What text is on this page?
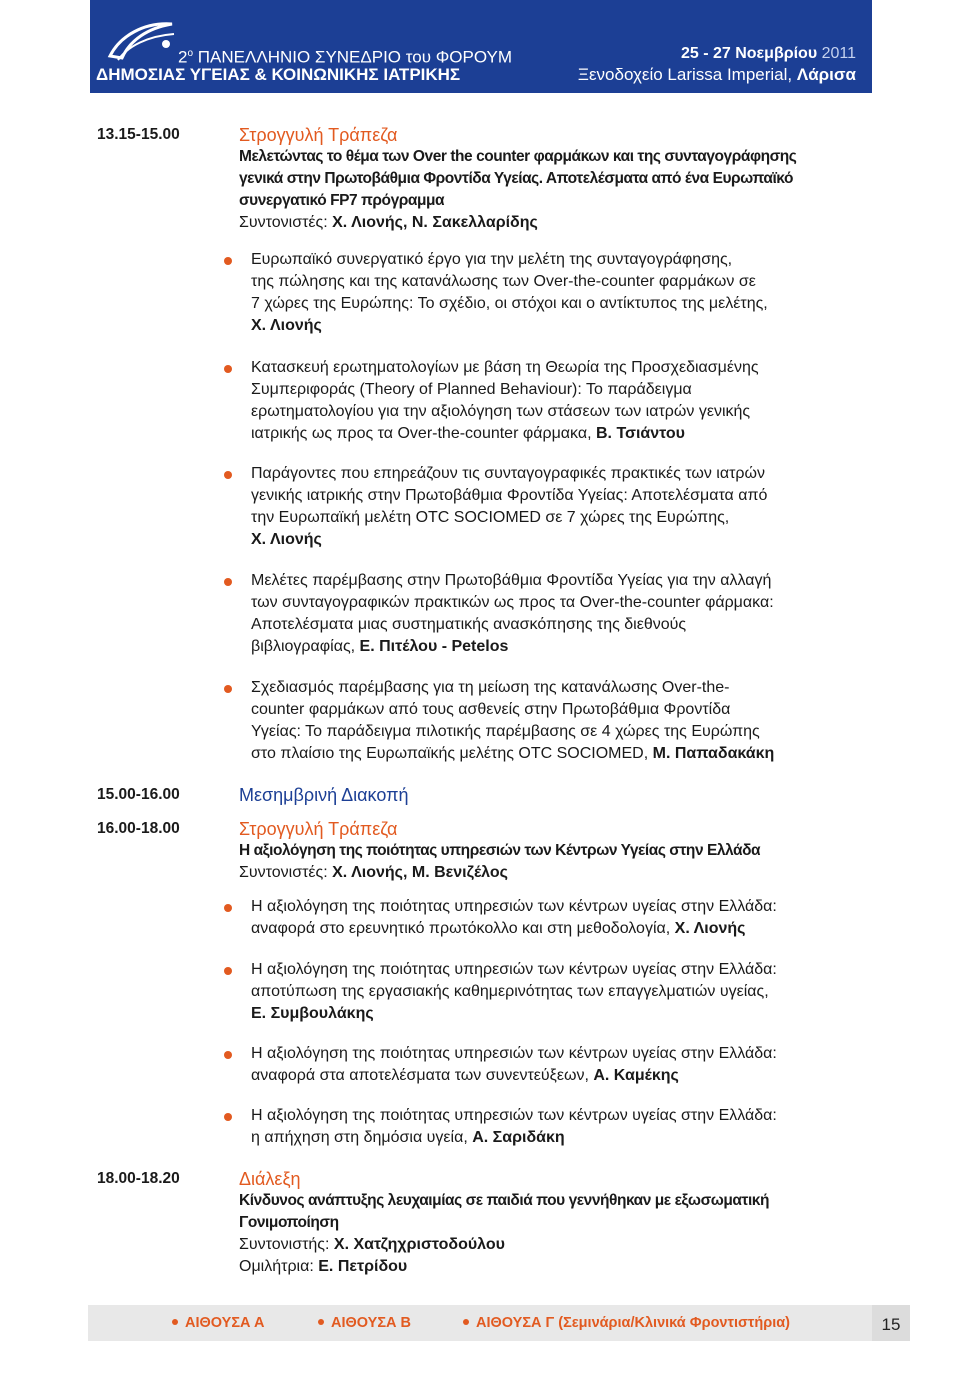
$2^o$ ΠΑΝΕΛΛΗΝΙΟ ΣΥΝΕΔΡΙΟ του ΦΟΡΟΥΜ
ΔΗΜΟΣΙΑΣ ΥΓΕΙΑΣ & ΚΟΙΝΩΝΙΚΗΣ ΙΑΤΡΙΚΗΣ
25 - 27 Νοεμβρίου 2011
Ξενοδοχείο Larissa Imperial, Λάρισα
13.15-15.00	Στρογγυλή Τράπεζα
Μελετώντας το θέμα των Over the counter φαρμάκων και της συνταγογράφησης
γενικά στην Πρωτοβάθμια Φροντίδα Υγείας. Αποτελέσματα από ένα Ευρωπαϊκό
συνεργατικό FP7 πρόγραμμα
Συντονιστές: Χ. Λιονής, Ν. Σακελλαρίδης
Ευρωπαϊκό συνεργατικό έργο για την μελέτη της συνταγογράφησης,
της πώλησης και της κατανάλωσης των Over-the-counter φαρμάκων σε
7 χώρες της Ευρώπης: Το σχέδιο, οι στόχοι και ο αντίκτυπος της μελέτης,
Χ. Λιονής
Κατασκευή ερωτηματολογίων με βάση τη Θεωρία της Προσχεδιασμένης
Συμπεριφοράς (Theory of Planned Behaviour): Το παράδειγμα
ερωτηματολογίου για την αξιολόγηση των στάσεων των ιατρών γενικής
ιατρικής ως προς τα Over-the-counter φάρμακα, Β. Τσιάντου
Παράγοντες που επηρεάζουν τις συνταγογραφικές πρακτικές των ιατρών
γενικής ιατρικής στην Πρωτοβάθμια Φροντίδα Υγείας: Αποτελέσματα από
την Ευρωπαϊκή μελέτη OTC SOCIOMED σε 7 χώρες της Ευρώπης,
Χ. Λιονής
Μελέτες παρέμβασης στην Πρωτοβάθμια Φροντίδα Υγείας για την αλλαγή
των συνταγογραφικών πρακτικών ως προς τα Over-the-counter φάρμακα:
Αποτελέσματα μιας συστηματικής ανασκόπησης της διεθνούς
βιβλιογραφίας, Ε. Πιτέλου - Petelos
Σχεδιασμός παρέμβασης για τη μείωση της κατανάλωσης Over-the-
counter φαρμάκων από τους ασθενείς στην Πρωτοβάθμια Φροντίδα
Υγείας: Το παράδειγμα πιλοτικής παρέμβασης σε 4 χώρες της Ευρώπης
στο πλαίσιο της Ευρωπαϊκής μελέτης OTC SOCIOMED, Μ. Παπαδακάκη
15.00-16.00	Μεσημβρινή Διακοπή
16.00-18.00	Στρογγυλή Τράπεζα
Η αξιολόγηση της ποιότητας υπηρεσιών των Κέντρων Υγείας στην Ελλάδα
Συντονιστές: Χ. Λιονής, Μ. Βενιζέλος
Η αξιολόγηση της ποιότητας υπηρεσιών των κέντρων υγείας στην Ελλάδα:
αναφορά στο ερευνητικό πρωτόκολλο και στη μεθοδολογία, Χ. Λιονής
Η αξιολόγηση της ποιότητας υπηρεσιών των κέντρων υγείας στην Ελλάδα:
αποτύπωση της εργασιακής καθημερινότητας των επαγγελματιών υγείας,
Ε. Συμβουλάκης
Η αξιολόγηση της ποιότητας υπηρεσιών των κέντρων υγείας στην Ελλάδα:
αναφορά στα αποτελέσματα των συνεντεύξεων, Α. Καμέκης
Η αξιολόγηση της ποιότητας υπηρεσιών των κέντρων υγείας στην Ελλάδα:
η απήχηση στη δημόσια υγεία, Α. Σαριδάκη
18.00-18.20	Διάλεξη
Κίνδυνος ανάπτυξης λευχαιμίας σε παιδιά που γεννήθηκαν με εξωσωματική
Γονιμοποίηση
Συντονιστής: Χ. Χατζηχριστοδούλου
Ομιλήτρια: Ε. Πετρίδου
ΑΙΘΟΥΣΑ Α	ΑΙΘΟΥΣΑ Β	ΑΙΘΟΥΣΑ Γ (Σεμινάρια/Κλινικά Φροντιστήρια)	15
